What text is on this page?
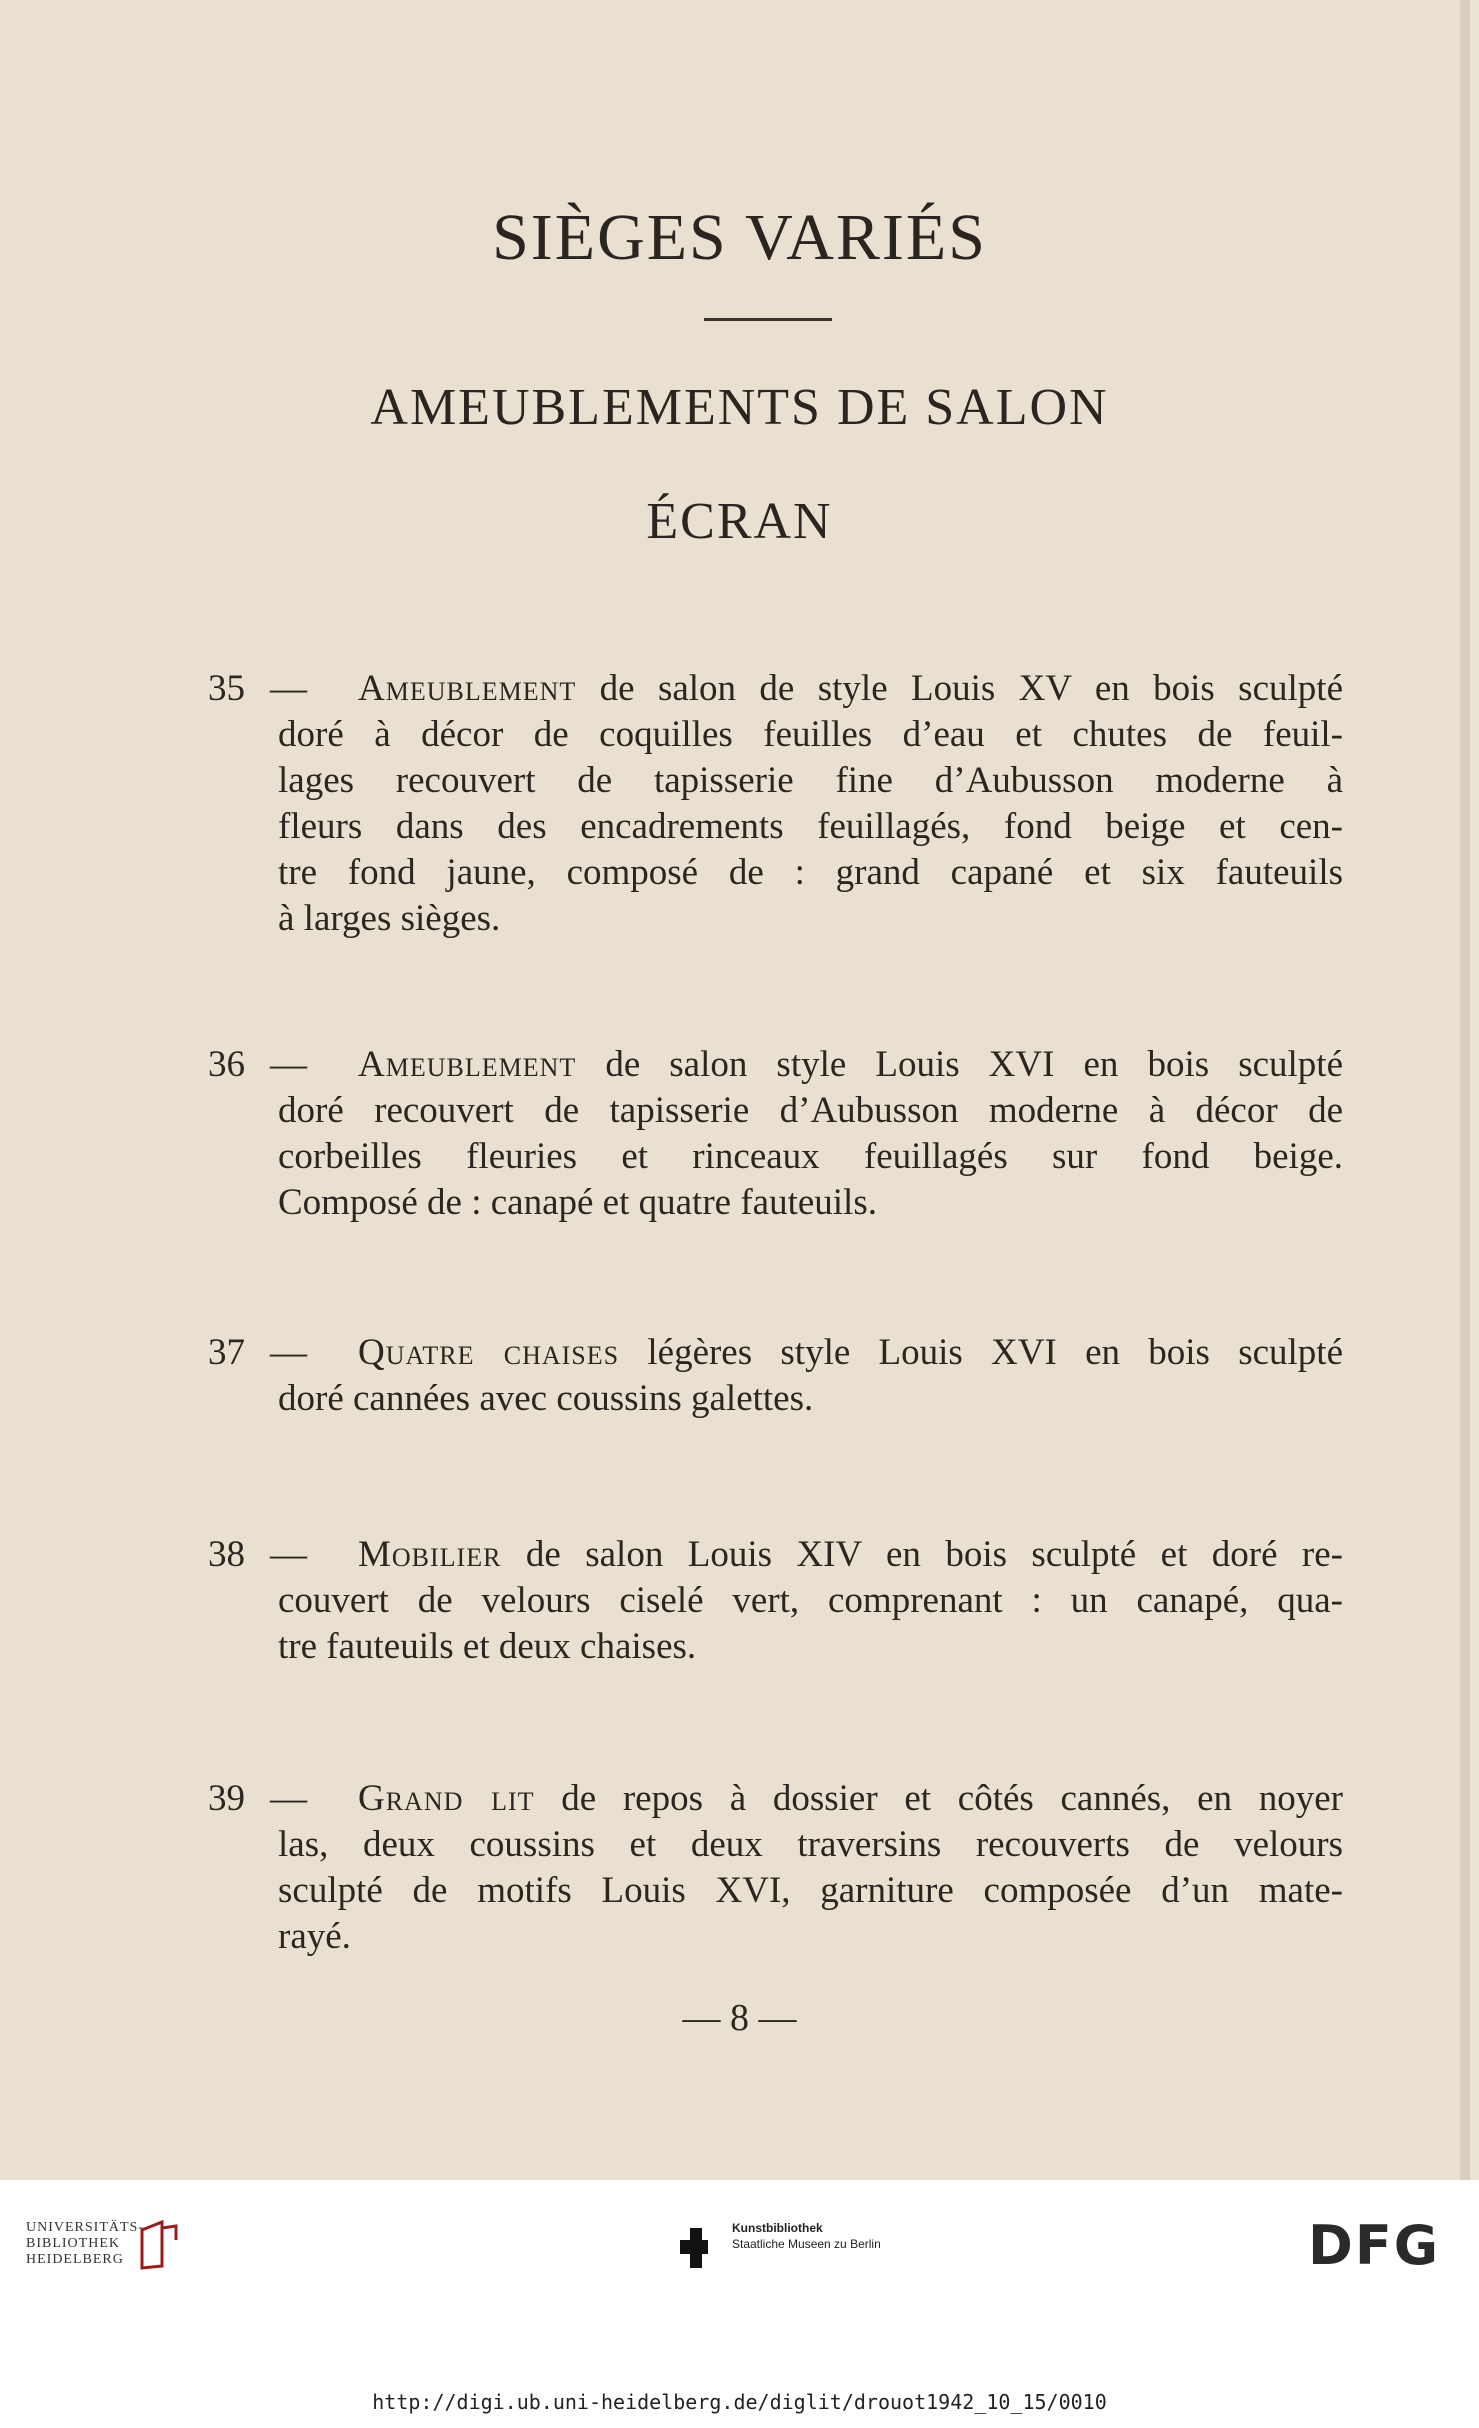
SIÈGES VARIÉS
AMEUBLEMENTS DE SALON
ÉCRAN
35 — Ameublement de salon de style Louis XV en bois sculpté
doré à décor de coquilles feuilles d’eau et chutes de feuil-
lages recouvert de tapisserie fine d’Aubusson moderne à
fleurs dans des encadrements feuillagés, fond beige et cen-
tre fond jaune, composé de : grand capané et six fauteuils
à larges sièges.
36 — Ameublement de salon style Louis XVI en bois sculpté
doré recouvert de tapisserie d’Aubusson moderne à décor de
corbeilles fleuries et rinceaux feuillagés sur fond beige.
Composé de : canapé et quatre fauteuils.
37 — Quatre chaises légères style Louis XVI en bois sculpté
doré cannées avec coussins galettes.
38 — Mobilier de salon Louis XIV en bois sculpté et doré re-
couvert de velours ciselé vert, comprenant : un canapé, qua-
tre fauteuils et deux chaises.
39 — Grand lit de repos à dossier et côtés cannés, en noyer
las, deux coussins et deux traversins recouverts de velours
sculpté de motifs Louis XVI, garniture composée d’un mate-
rayé.
— 8 —
UNIVERSITÄTS-
BIBLIOTHEK
HEIDELBERG
Kunstbibliothek
Staatliche Museen zu Berlin	DFG
http://digi.ub.uni-heidelberg.de/diglit/drouot1942_10_15/0010
